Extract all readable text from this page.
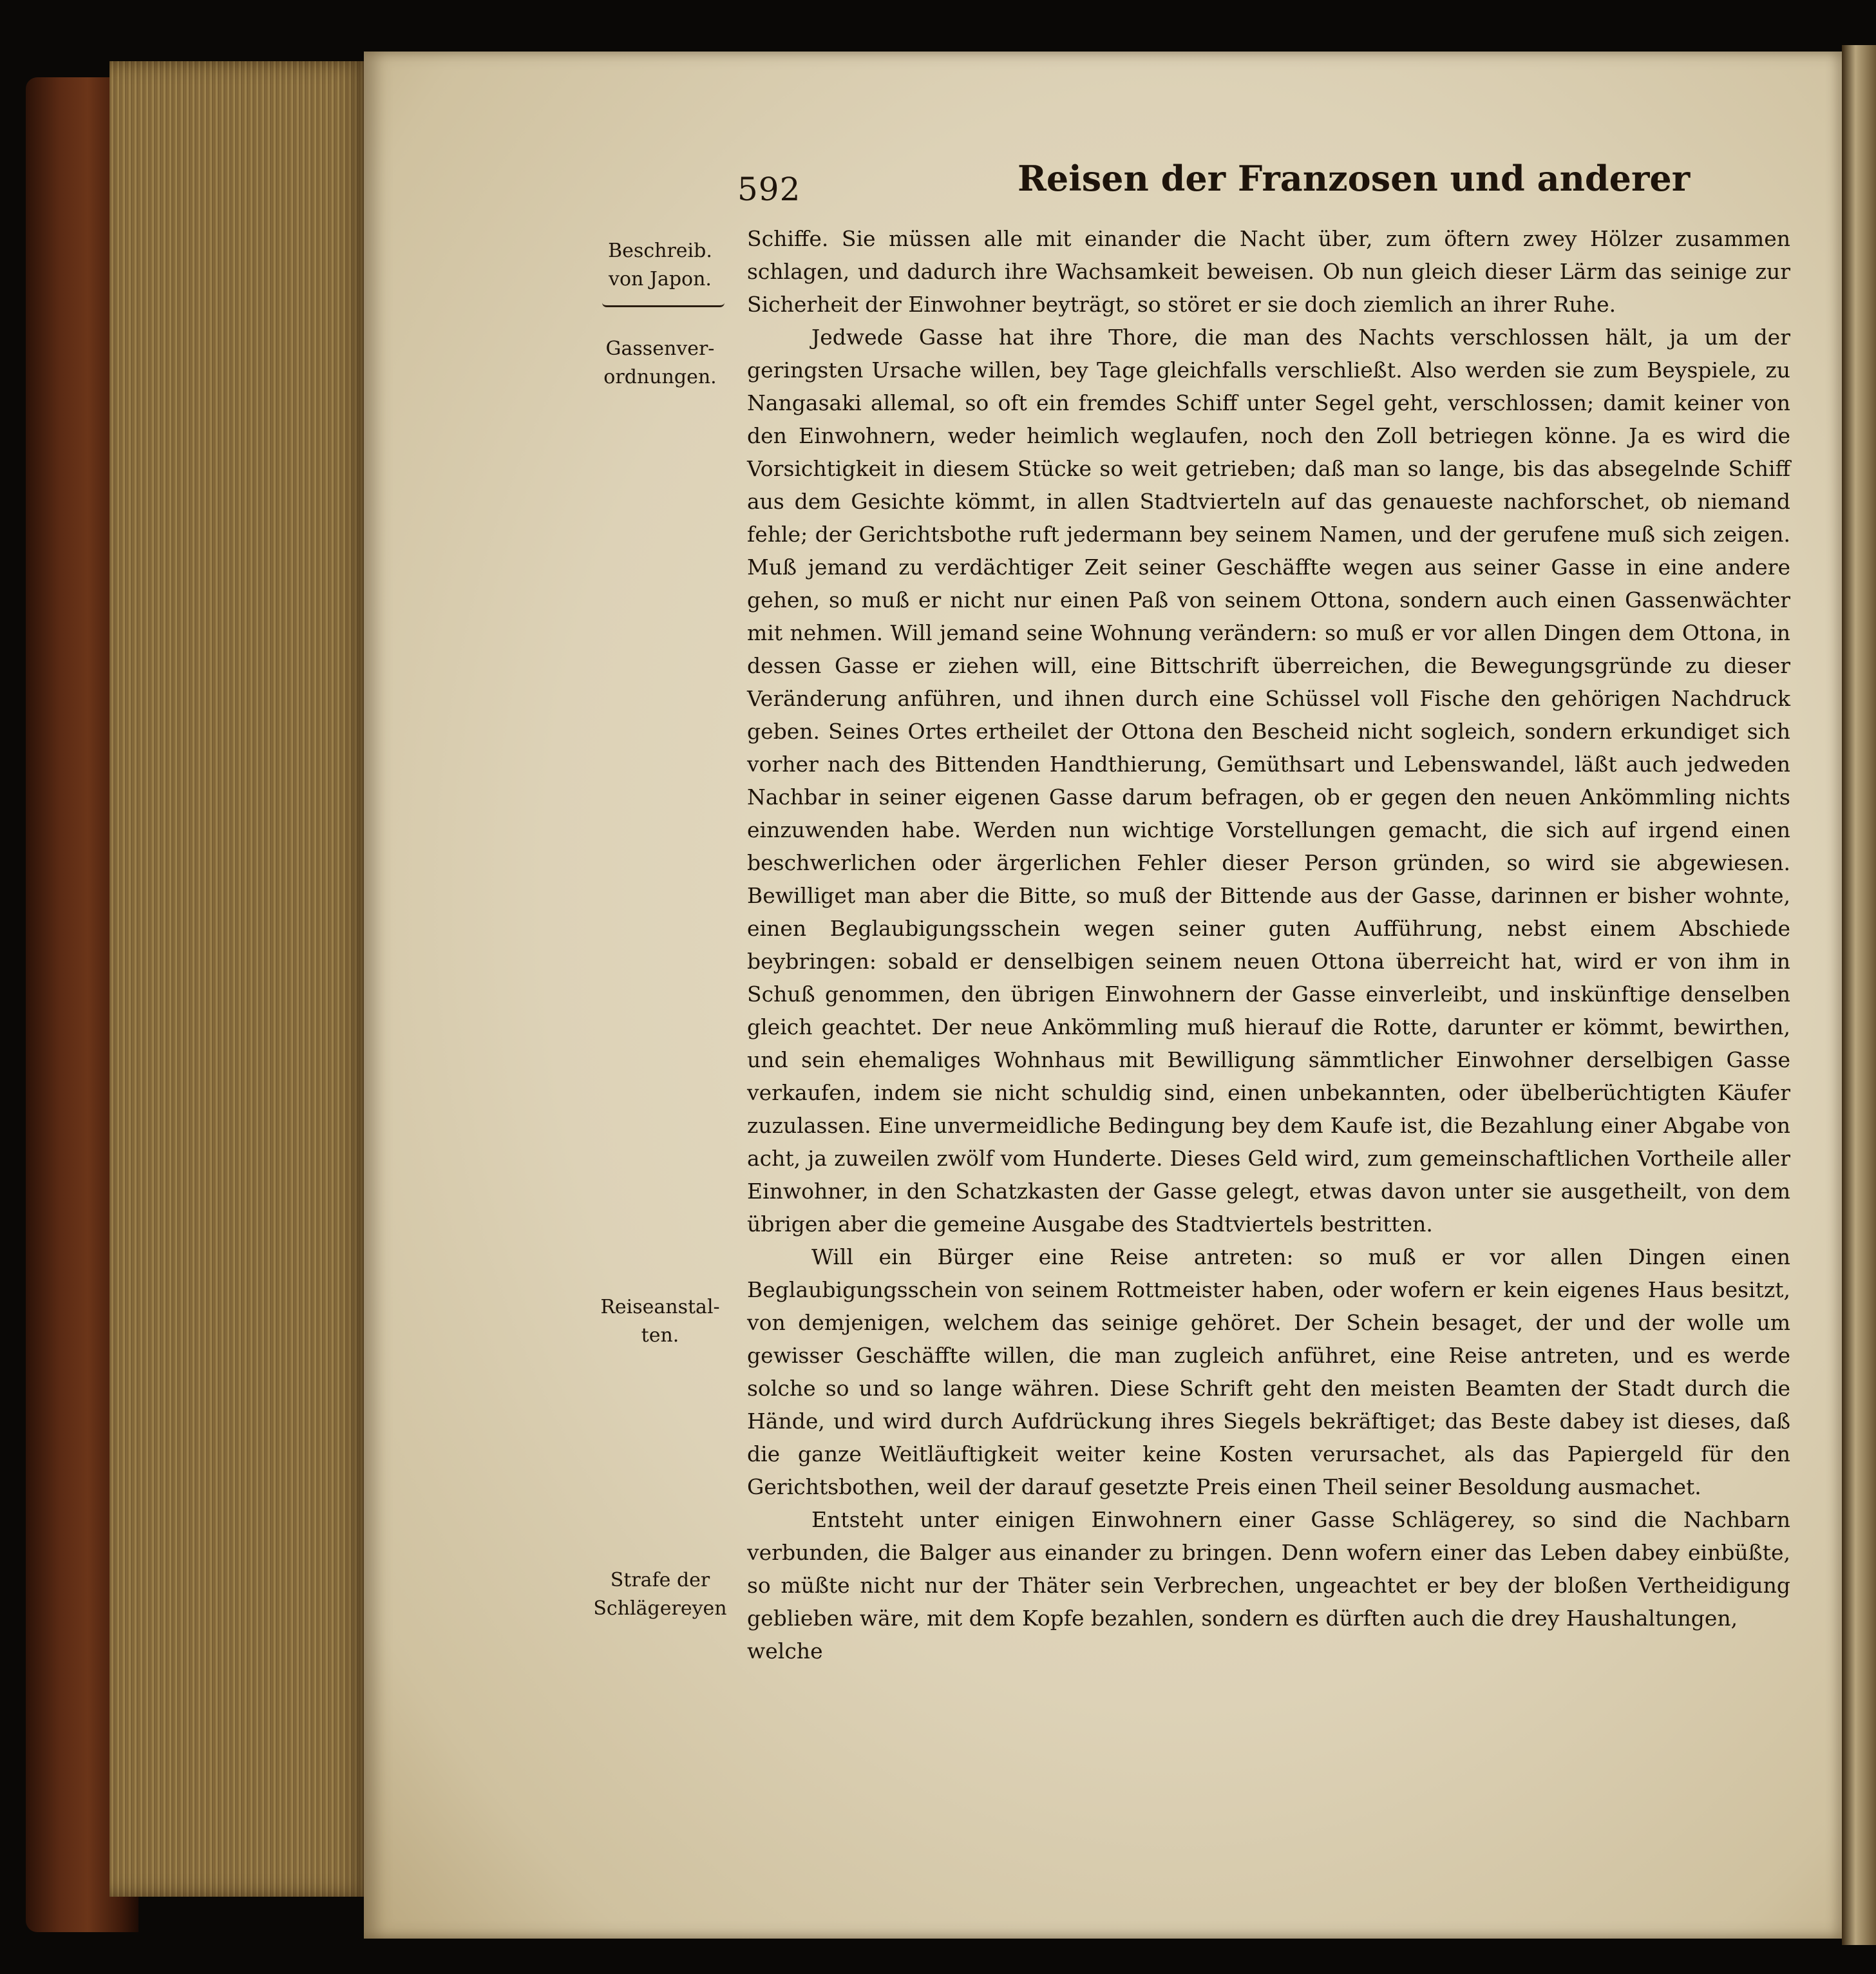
592	Reisen der Franzosen und anderer
Beschreib. von Japon.
Gassenver- ordnungen.
Reiseanstal- ten.
Strafe der Schlägereyen

Schiffe. Sie müssen alle mit einander die Nacht über, zum öftern zwey Hölzer zusammen schlagen, und dadurch ihre Wachsamkeit beweisen. Ob nun gleich dieser Lärm das seinige zur Sicherheit der Einwohner beyträgt, so störet er sie doch ziemlich an ihrer Ruhe.

Jedwede Gasse hat ihre Thore, die man des Nachts verschlossen hält, ja um der geringsten Ursache willen, bey Tage gleichfalls verschließt. Also werden sie zum Beyspiele, zu Nangasaki allemal, so oft ein fremdes Schiff unter Segel geht, verschlossen; damit keiner von den Einwohnern, weder heimlich weglaufen, noch den Zoll betriegen könne. Ja es wird die Vorsichtigkeit in diesem Stücke so weit getrieben; daß man so lange, bis das absegelnde Schiff aus dem Gesichte kömmt, in allen Stadtvierteln auf das genaueste nachforschet, ob niemand fehle; der Gerichtsbothe ruft jedermann bey seinem Namen, und der gerufene muß sich zeigen. Muß jemand zu verdächtiger Zeit seiner Geschäffte wegen aus seiner Gasse in eine andere gehen, so muß er nicht nur einen Paß von seinem Ottona, sondern auch einen Gassenwächter mit nehmen. Will jemand seine Wohnung verändern: so muß er vor allen Dingen dem Ottona, in dessen Gasse er ziehen will, eine Bittschrift überreichen, die Bewegungsgründe zu dieser Veränderung anführen, und ihnen durch eine Schüssel voll Fische den gehörigen Nachdruck geben. Seines Ortes ertheilet der Ottona den Bescheid nicht sogleich, sondern erkundiget sich vorher nach des Bittenden Handthierung, Gemüthsart und Lebenswandel, läßt auch jedweden Nachbar in seiner eigenen Gasse darum befragen, ob er gegen den neuen Ankömmling nichts einzuwenden habe. Werden nun wichtige Vorstellungen gemacht, die sich auf irgend einen beschwerlichen oder ärgerlichen Fehler dieser Person gründen, so wird sie abgewiesen. Bewilliget man aber die Bitte, so muß der Bittende aus der Gasse, darinnen er bisher wohnte, einen Beglaubigungsschein wegen seiner guten Aufführung, nebst einem Abschiede beybringen: sobald er denselbigen seinem neuen Ottona überreicht hat, wird er von ihm in Schuß genommen, den übrigen Einwohnern der Gasse einverleibt, und inskünftige denselben gleich geachtet. Der neue Ankömmling muß hierauf die Rotte, darunter er kömmt, bewirthen, und sein ehemaliges Wohnhaus mit Bewilligung sämmtlicher Einwohner derselbigen Gasse verkaufen, indem sie nicht schuldig sind, einen unbekannten, oder übelberüchtigten Käufer zuzulassen. Eine unvermeidliche Bedingung bey dem Kaufe ist, die Bezahlung einer Abgabe von acht, ja zuweilen zwölf vom Hunderte. Dieses Geld wird, zum gemeinschaftlichen Vortheile aller Einwohner, in den Schatzkasten der Gasse gelegt, etwas davon unter sie ausgetheilt, von dem übrigen aber die gemeine Ausgabe des Stadtviertels bestritten.

Will ein Bürger eine Reise antreten: so muß er vor allen Dingen einen Beglaubigungsschein von seinem Rottmeister haben, oder wofern er kein eigenes Haus besitzt, von demjenigen, welchem das seinige gehöret. Der Schein besaget, der und der wolle um gewisser Geschäffte willen, die man zugleich anführet, eine Reise antreten, und es werde solche so und so lange währen. Diese Schrift geht den meisten Beamten der Stadt durch die Hände, und wird durch Aufdrückung ihres Siegels bekräftiget; das Beste dabey ist dieses, daß die ganze Weitläuftigkeit weiter keine Kosten verursachet, als das Papiergeld für den Gerichtsbothen, weil der darauf gesetzte Preis einen Theil seiner Besoldung ausmachet.

Entsteht unter einigen Einwohnern einer Gasse Schlägerey, so sind die Nachbarn verbunden, die Balger aus einander zu bringen. Denn wofern einer das Leben dabey einbüßte, so müßte nicht nur der Thäter sein Verbrechen, ungeachtet er bey der bloßen Vertheidigung geblieben wäre, mit dem Kopfe bezahlen, sondern es dürften auch die drey Haushaltungen,

welche
